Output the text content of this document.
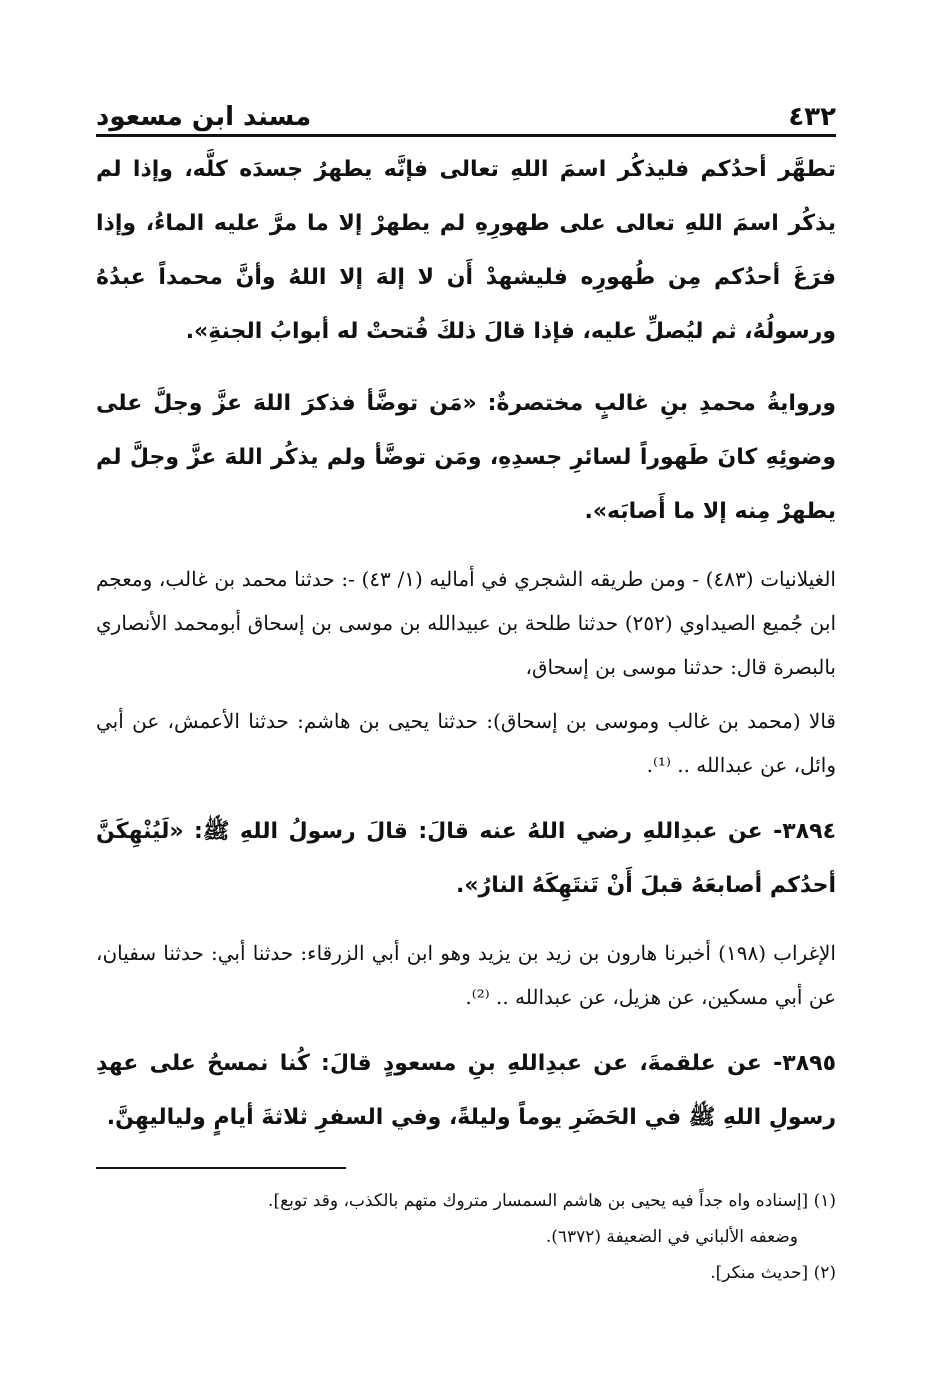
٤٣٢
مسند ابن مسعود

تطهَّر أحدُكم فليذكُر اسمَ اللهِ تعالى فإنَّه يطهرُ جسدَه كلَّه، وإذا لم يذكُر اسمَ اللهِ تعالى على طهورِهِ لم يطهرْ إلا ما مرَّ عليه الماءُ، وإذا فرَغَ أحدُكم مِن طُهورِه فليشهدْ أَن لا إلهَ إلا اللهُ وأنَّ محمداً عبدُهُ ورسولُهُ، ثم ليُصلِّ عليه، فإذا قالَ ذلكَ فُتحتْ له أبوابُ الجنةِ».

وروايةُ محمدِ بنِ غالبٍ مختصرةٌ: «مَن توضَّأ فذكرَ اللهَ عزَّ وجلَّ على وضوئِهِ كانَ طَهوراً لسائرِ جسدِهِ، ومَن توضَّأ ولم يذكُر اللهَ عزَّ وجلَّ لم يطهرْ مِنه إلا ما أَصابَه».

الغيلانيات (٤٨٣) - ومن طريقه الشجري في أماليه (١/ ٤٣) -: حدثنا محمد بن غالب، ومعجم ابن جُميع الصيداوي (٢٥٢) حدثنا طلحة بن عبيدالله بن موسى بن إسحاق أبومحمد الأنصاري بالبصرة قال: حدثنا موسى بن إسحاق،

قالا (محمد بن غالب وموسى بن إسحاق): حدثنا يحيى بن هاشم: حدثنا الأعمش، عن أبي وائل، عن عبدالله .. ⁽¹⁾.

٣٨٩٤- عن عبدِاللهِ رضي اللهُ عنه قالَ: قالَ رسولُ اللهِ ﷺ: «لَيُنْهِكَنَّ أحدُكم أصابعَهُ قبلَ أَنْ تَنتَهِكَهُ النارُ».

الإغراب (١٩٨) أخبرنا هارون بن زيد بن يزيد وهو ابن أبي الزرقاء: حدثنا أبي: حدثنا سفيان، عن أبي مسكين، عن هزيل، عن عبدالله .. ⁽²⁾.

٣٨٩٥- عن علقمةَ، عن عبدِاللهِ بنِ مسعودٍ قالَ: كُنا نمسحُ على عهدِ رسولِ اللهِ ﷺ في الحَضَرِ يوماً وليلةً، وفي السفرِ ثلاثةَ أيامٍ ولياليهِنَّ.

(١) [إسناده واه جداً فيه يحيى بن هاشم السمسار متروك متهم بالكذب، وقد توبع].

وضعفه الألباني في الضعيفة (٦٣٧٢).

(٢) [حديث منكر].
